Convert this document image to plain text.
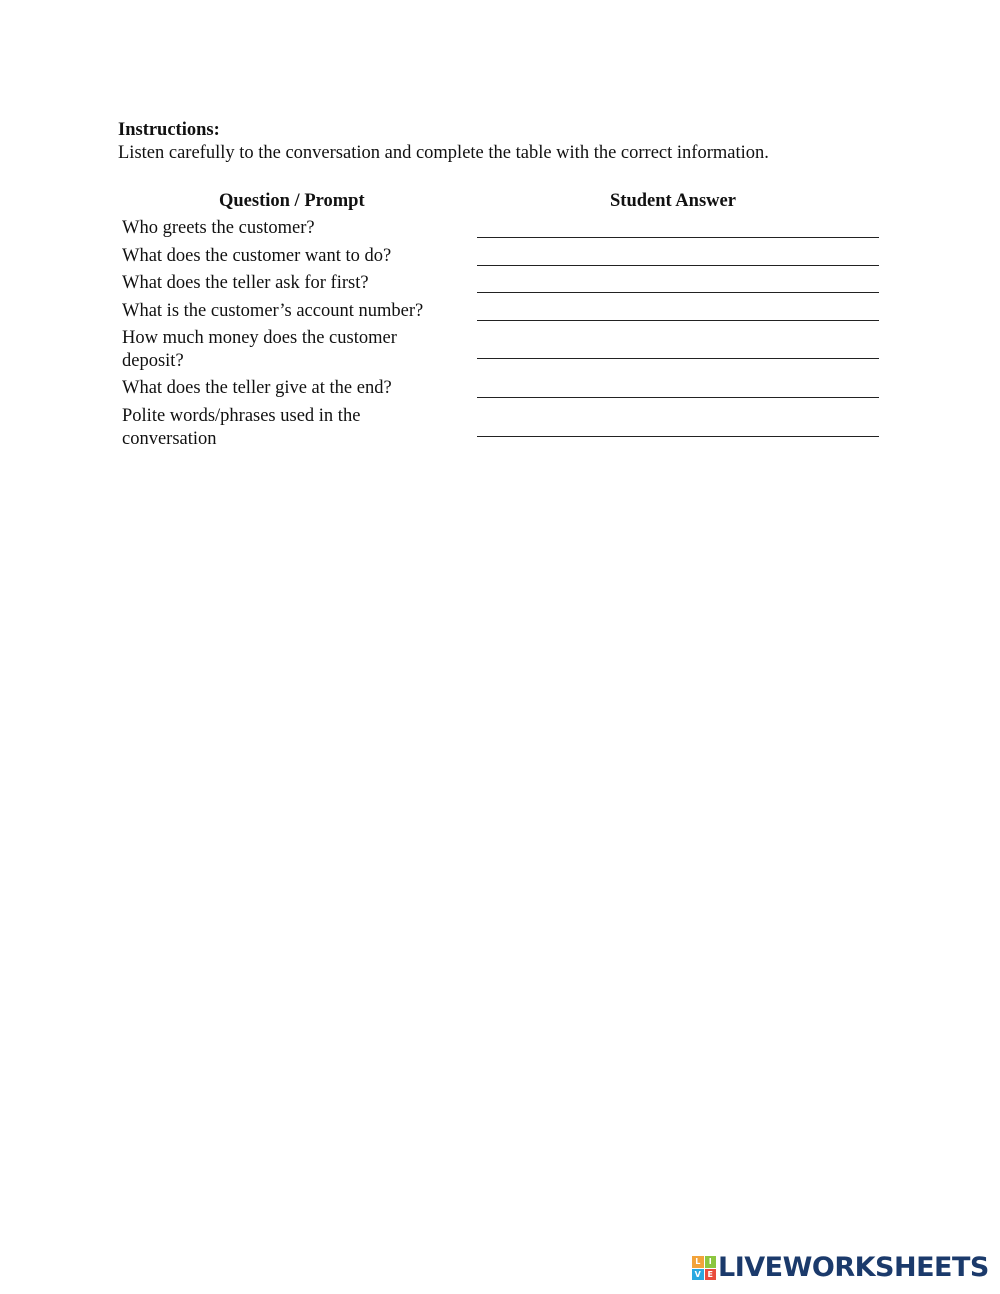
Instructions:
Listen carefully to the conversation and complete the table with the correct information.
Question / Prompt	Student Answer
Who greets the customer?
What does the customer want to do?
What does the teller ask for first?
What is the customer’s account number?
How much money does the customer deposit?
What does the teller give at the end?
Polite words/phrases used in the conversation
L	I
V E LIVEWORKSHEETS
